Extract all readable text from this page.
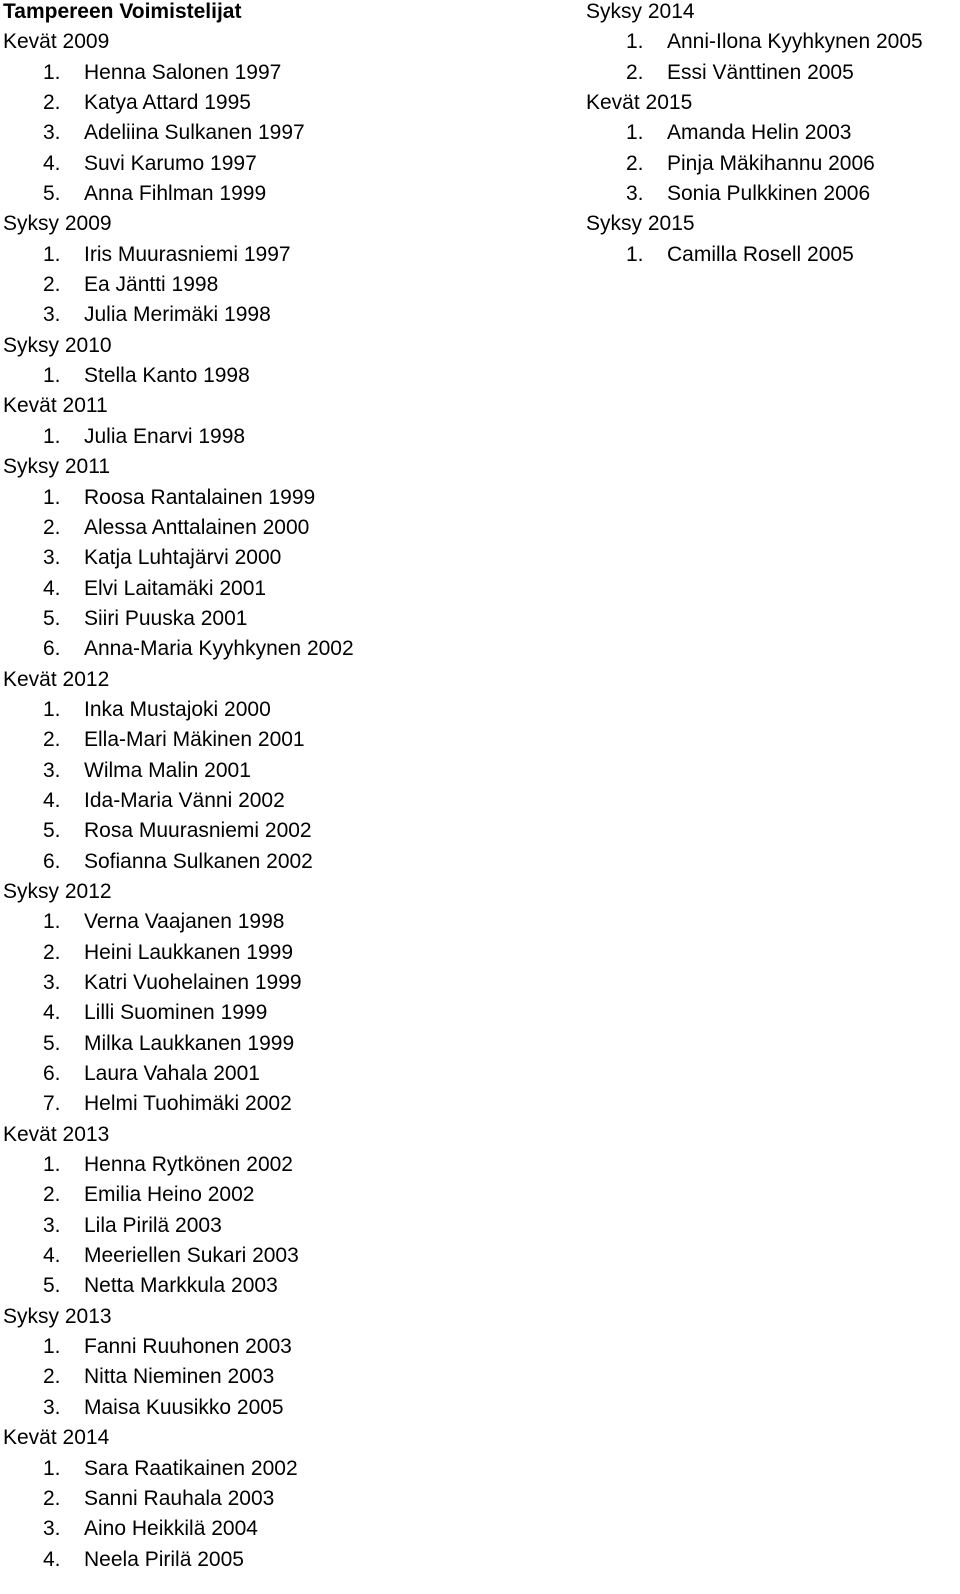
Tampereen Voimistelijat
Kevät 2009
1. Henna Salonen 1997
2. Katya Attard 1995
3. Adeliina Sulkanen 1997
4. Suvi Karumo 1997
5. Anna Fihlman 1999
Syksy 2009
1. Iris Muurasniemi 1997
2. Ea Jäntti 1998
3. Julia Merimäki 1998
Syksy 2010
1. Stella Kanto 1998
Kevät 2011
1. Julia Enarvi 1998
Syksy 2011
1. Roosa Rantalainen 1999
2. Alessa Anttalainen 2000
3. Katja Luhtajärvi 2000
4. Elvi Laitamäki 2001
5. Siiri Puuska 2001
6. Anna-Maria Kyyhkynen 2002
Kevät 2012
1. Inka Mustajoki 2000
2. Ella-Mari Mäkinen 2001
3. Wilma Malin 2001
4. Ida-Maria Vänni 2002
5. Rosa Muurasniemi 2002
6. Sofianna Sulkanen 2002
Syksy 2012
1. Verna Vaajanen 1998
2. Heini Laukkanen 1999
3. Katri Vuohelainen 1999
4. Lilli Suominen 1999
5. Milka Laukkanen 1999
6. Laura Vahala 2001
7. Helmi Tuohimäki 2002
Kevät 2013
1. Henna Rytkönen 2002
2. Emilia Heino 2002
3. Lila Pirilä 2003
4. Meeriellen Sukari 2003
5. Netta Markkula 2003
Syksy 2013
1. Fanni Ruuhonen 2003
2. Nitta Nieminen 2003
3. Maisa Kuusikko 2005
Kevät 2014
1. Sara Raatikainen 2002
2. Sanni Rauhala 2003
3. Aino Heikkilä 2004
4. Neela Pirilä 2005
Syksy 2014
1. Anni-Ilona Kyyhkynen 2005
2. Essi Vänttinen 2005
Kevät 2015
1. Amanda Helin 2003
2. Pinja Mäkihannu 2006
3. Sonia Pulkkinen 2006
Syksy 2015
1. Camilla Rosell 2005
